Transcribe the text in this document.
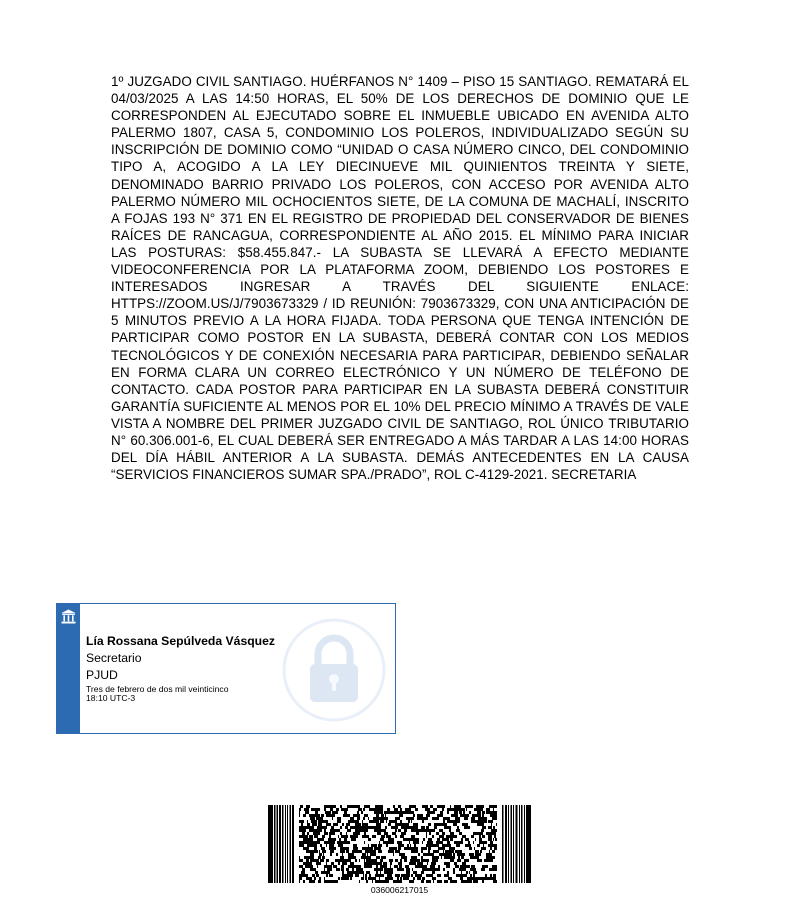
1º JUZGADO CIVIL SANTIAGO. HUÉRFANOS N° 1409 – PISO 15 SANTIAGO. REMATARÁ EL 04/03/2025 A LAS 14:50 HORAS, EL 50% DE LOS DERECHOS DE DOMINIO QUE LE CORRESPONDEN AL EJECUTADO SOBRE EL INMUEBLE UBICADO EN AVENIDA ALTO PALERMO 1807, CASA 5, CONDOMINIO LOS POLEROS, INDIVIDUALIZADO SEGÚN SU INSCRIPCIÓN DE DOMINIO COMO “UNIDAD O CASA NÚMERO CINCO, DEL CONDOMINIO TIPO A, ACOGIDO A LA LEY DIECINUEVE MIL QUINIENTOS TREINTA Y SIETE, DENOMINADO BARRIO PRIVADO LOS POLEROS, CON ACCESO POR AVENIDA ALTO PALERMO NÚMERO MIL OCHOCIENTOS SIETE, DE LA COMUNA DE MACHALÍ, INSCRITO A FOJAS 193 N° 371 EN EL REGISTRO DE PROPIEDAD DEL CONSERVADOR DE BIENES RAÍCES DE RANCAGUA, CORRESPONDIENTE AL AÑO 2015. EL MÍNIMO PARA INICIAR LAS POSTURAS: $58.455.847.- LA SUBASTA SE LLEVARÁ A EFECTO MEDIANTE VIDEOCONFERENCIA POR LA PLATAFORMA ZOOM, DEBIENDO LOS POSTORES E INTERESADOS INGRESAR A TRAVÉS DEL SIGUIENTE ENLACE: HTTPS://ZOOM.US/J/7903673329 / ID REUNIÓN: 7903673329, CON UNA ANTICIPACIÓN DE 5 MINUTOS PREVIO A LA HORA FIJADA. TODA PERSONA QUE TENGA INTENCIÓN DE PARTICIPAR COMO POSTOR EN LA SUBASTA, DEBERÁ CONTAR CON LOS MEDIOS TECNOLÓGICOS Y DE CONEXIÓN NECESARIA PARA PARTICIPAR, DEBIENDO SEÑALAR EN FORMA CLARA UN CORREO ELECTRÓNICO Y UN NÚMERO DE TELÉFONO DE CONTACTO. CADA POSTOR PARA PARTICIPAR EN LA SUBASTA DEBERÁ CONSTITUIR GARANTÍA SUFICIENTE AL MENOS POR EL 10% DEL PRECIO MÍNIMO A TRAVÉS DE VALE VISTA A NOMBRE DEL PRIMER JUZGADO CIVIL DE SANTIAGO, ROL ÚNICO TRIBUTARIO N° 60.306.001-6, EL CUAL DEBERÁ SER ENTREGADO A MÁS TARDAR A LAS 14:00 HORAS DEL DÍA HÁBIL ANTERIOR A LA SUBASTA. DEMÁS ANTECEDENTES EN LA CAUSA “SERVICIOS FINANCIEROS SUMAR SPA./PRADO”, ROL C-4129-2021. SECRETARIA

Lía Rossana Sepúlveda Vásquez
Secretario
PJUD
Tres de febrero de dos mil veinticinco
18:10 UTC-3
036006217015
